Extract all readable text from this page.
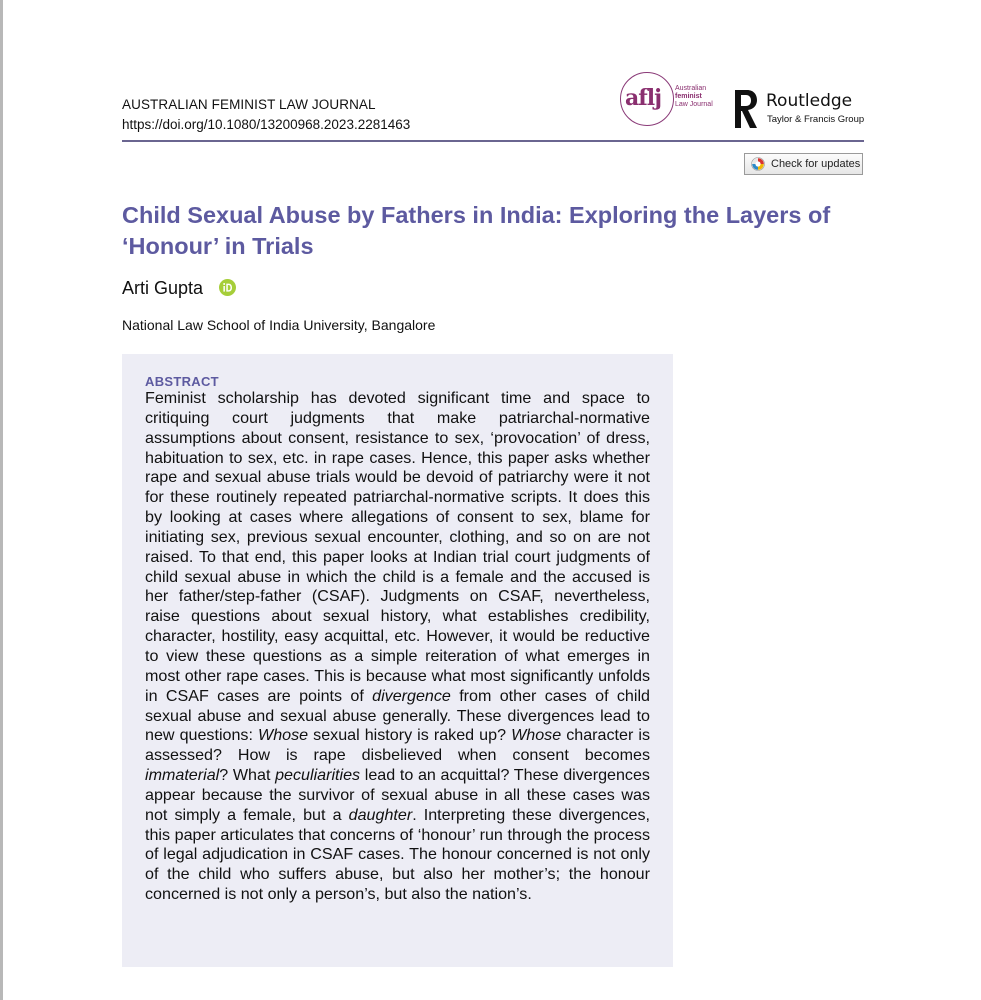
AUSTRALIAN FEMINIST LAW JOURNAL
https://doi.org/10.1080/13200968.2023.2281463
aflj Australian
feminist
Law Journal	Routledge
Taylor & Francis Group
Check for updates
Child Sexual Abuse by Fathers in India: Exploring the Layers of ‘Honour’ in Trials
Arti Gupta
National Law School of India University, Bangalore
ABSTRACT

Feminist scholarship has devoted significant time and space to critiquing court judgments that make patriarchal-normative assumptions about consent, resistance to sex, ‘provocation’ of dress, habituation to sex, etc. in rape cases. Hence, this paper asks whether rape and sexual abuse trials would be devoid of patriarchy were it not for these routinely repeated patriarchal-normative scripts. It does this by looking at cases where allegations of consent to sex, blame for initiating sex, previous sexual encounter, clothing, and so on are not raised. To that end, this paper looks at Indian trial court judgments of child sexual abuse in which the child is a female and the accused is her father/step-father (CSAF). Judgments on CSAF, nevertheless, raise questions about sexual history, what establishes credibility, character, hostility, easy acquittal, etc. However, it would be reductive to view these questions as a simple reiteration of what emerges in most other rape cases. This is because what most significantly unfolds in CSAF cases are points of divergence from other cases of child sexual abuse and sexual abuse generally. These divergences lead to new questions: Whose sexual history is raked up? Whose character is assessed? How is rape disbelieved when consent becomes immaterial? What peculiarities lead to an acquittal? These divergences appear because the survivor of sexual abuse in all these cases was not simply a female, but a daughter. Interpreting these divergences, this paper articulates that concerns of ‘honour’ run through the process of legal adjudication in CSAF cases. The honour concerned is not only of the child who suffers abuse, but also her mother’s; the honour concerned is not only a person’s, but also the nation’s.
